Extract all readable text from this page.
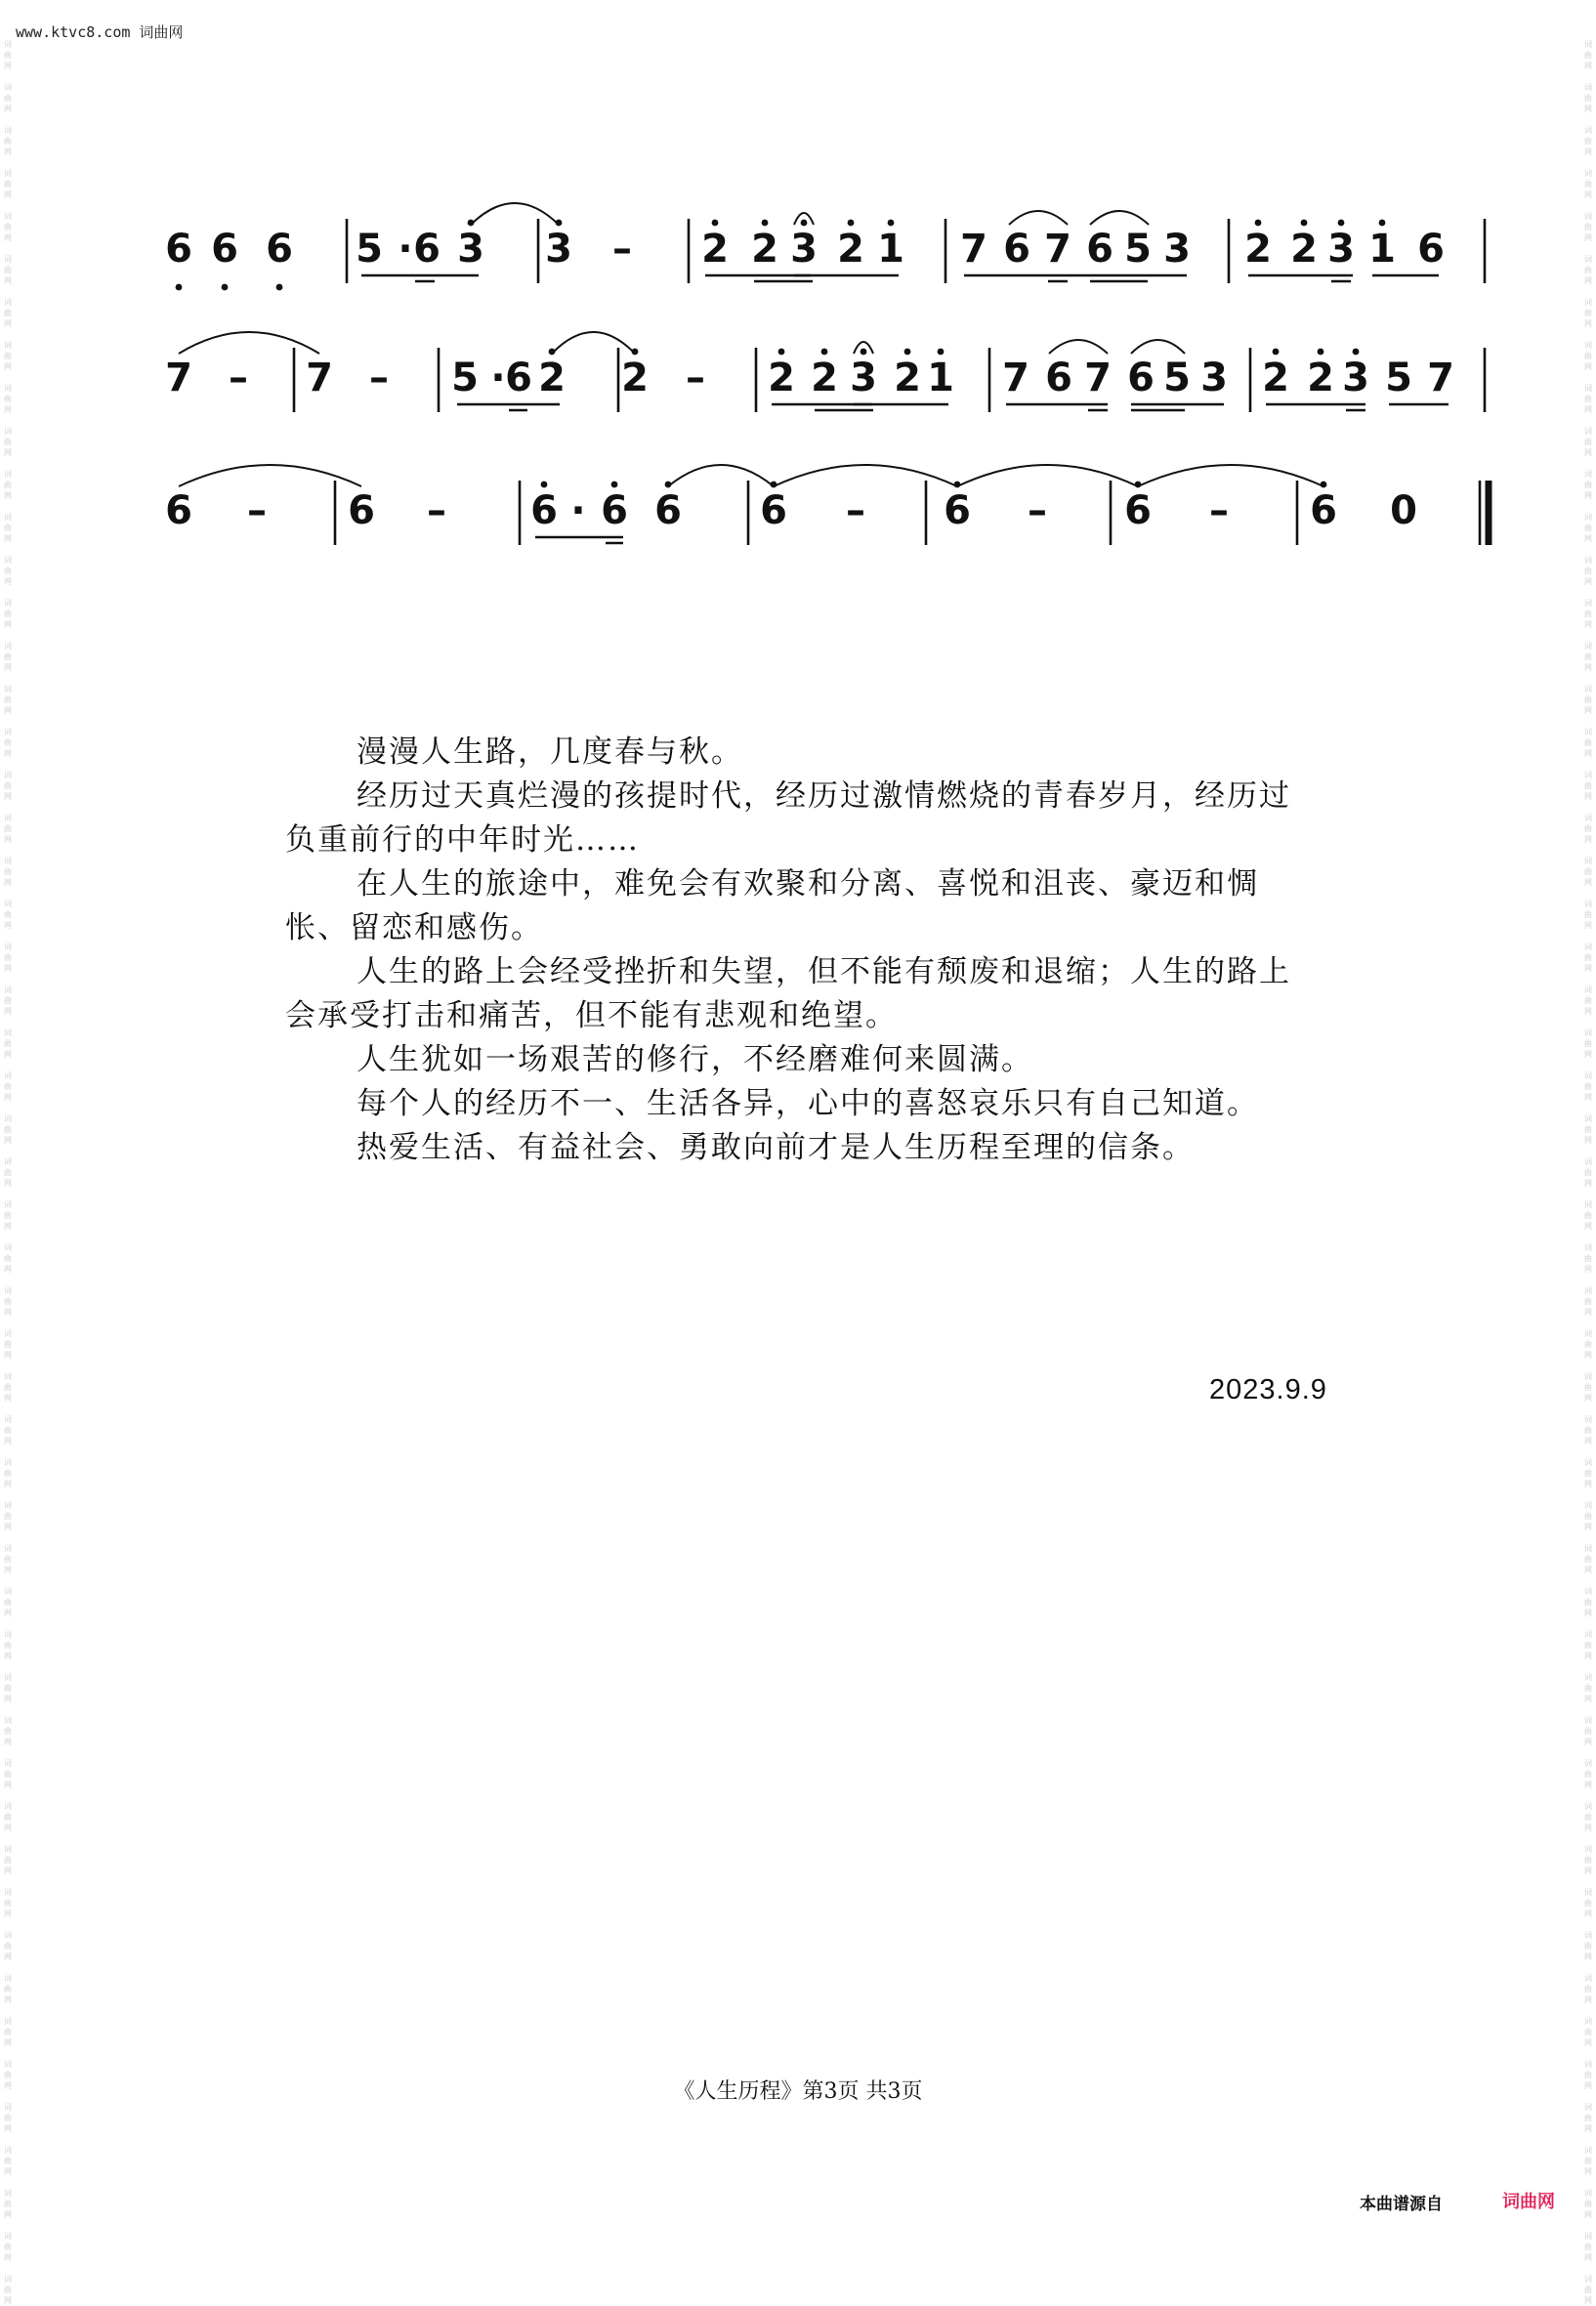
www.ktvc8.com 词曲网
词
曲
网

词
曲
网

词
曲
网

词
曲
网

词
曲
网

词
曲
网

词
曲
网

词
曲
网

词
曲
网

词
曲
网

词
曲
网

词
曲
网

词
曲
网

词
曲
网

词
曲
网

词
曲
网

词
曲
网

词
曲
网

词
曲
网

词
曲
网

词
曲
网

词
曲
网

词
曲
网

词
曲
网

词
曲
网

词
曲
网

词
曲
网

词
曲
网

词
曲
网

词
曲
网

词
曲
网

词
曲
网

词
曲
网

词
曲
网

词
曲
网

词
曲
网

词
曲
网

词
曲
网

词
曲
网

词
曲
网

词
曲
网

词
曲
网

词
曲
网

词
曲
网

词
曲
网

词
曲
网

词
曲
网

词
曲
网

词
曲
网

词
曲
网

词
曲
网

词
曲
网

词
曲
网
词
曲
网

词
曲
网

词
曲
网

词
曲
网

词
曲
网

词
曲
网

词
曲
网

词
曲
网

词
曲
网

词
曲
网

词
曲
网

词
曲
网

词
曲
网

词
曲
网

词
曲
网

词
曲
网

词
曲
网

词
曲
网

词
曲
网

词
曲
网

词
曲
网

词
曲
网

词
曲
网

词
曲
网

词
曲
网

词
曲
网

词
曲
网

词
曲
网

词
曲
网

词
曲
网

词
曲
网

词
曲
网

词
曲
网

词
曲
网

词
曲
网

词
曲
网

词
曲
网

词
曲
网

词
曲
网

词
曲
网

词
曲
网

词
曲
网

词
曲
网

词
曲
网

词
曲
网

词
曲
网

词
曲
网

词
曲
网

词
曲
网

词
曲
网

词
曲
网

词
曲
网

词
曲
网
6 6 6 5 · 6 3 3 – 2 2 3 2 1 7 6 7 6 5 3 2 2 3 1 6
7 – 7 – 5 · 6 2 2 – 2 2 3 2 1 7 6 7 6 5 3 2 2 3 5 7
6 – 6 – 6 · 6 6 6 – 6 – 6 – 6 0

漫漫人生路，几度春与秋。

经历过天真烂漫的孩提时代，经历过激情燃烧的青春岁月，经历过负重前行的中年时光……

在人生的旅途中，难免会有欢聚和分离、喜悦和沮丧、豪迈和惆怅、留恋和感伤。

人生的路上会经受挫折和失望，但不能有颓废和退缩；人生的路上会承受打击和痛苦，但不能有悲观和绝望。

人生犹如一场艰苦的修行，不经磨难何来圆满。

每个人的经历不一、生活各异，心中的喜怒哀乐只有自己知道。

热爱生活、有益社会、勇敢向前才是人生历程至理的信条。

2023.9.9
《人生历程》第3页 共3页
本曲谱源自	词曲网
